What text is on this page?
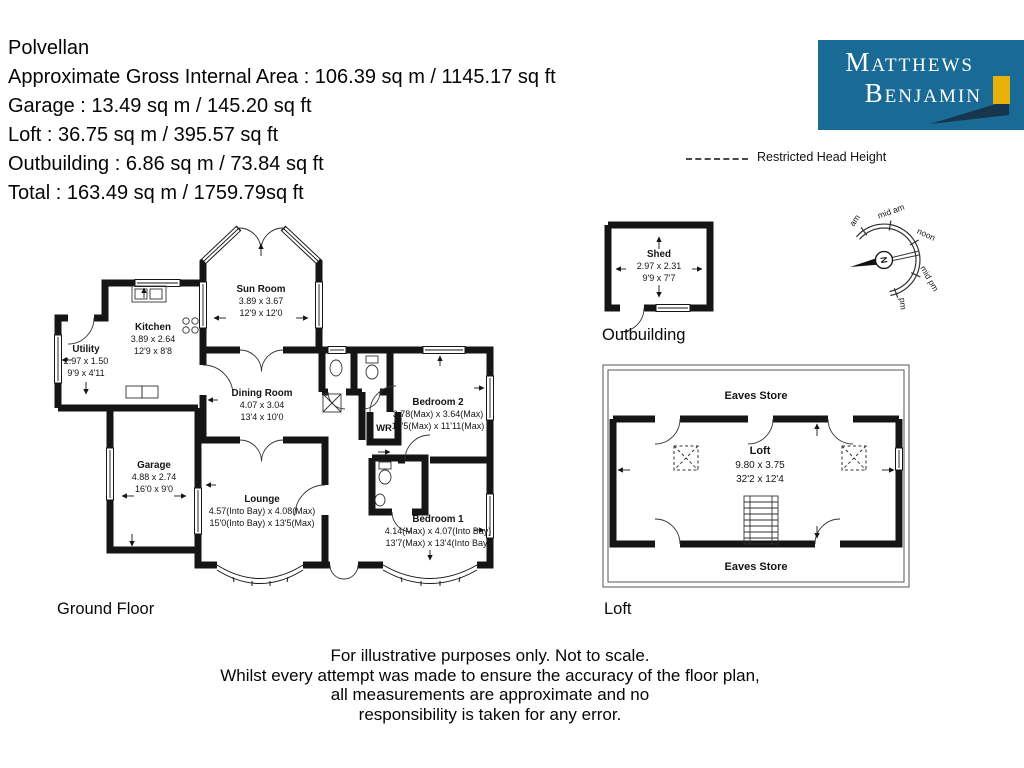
Polvellan
Approximate Gross Internal Area : 106.39 sq m / 1145.17 sq ft
Garage : 13.49 sq m / 145.20 sq ft
Loft : 36.75 sq m / 395.57 sq ft
Outbuilding : 6.86 sq m / 73.84 sq ft
Total : 163.49 sq m / 1759.79sq ft
Matthews
Benjamin
Restricted Head Height
Sun Room
3.89 x 3.67
12'9 x 12'0
Kitchen
3.89 x 2.64
12'9 x 8'8
Utility
2.97 x 1.50
9'9 x 4'11
Dining Room
4.07 x 3.04
13'4 x 10'0
Garage
4.88 x 2.74
16'0 x 9'0
Lounge
4.57(Into Bay) x 4.08(Max)
15'0(Into Bay) x 13'5(Max)
Bedroom 2
3.78(Max) x 3.64(Max)
12'5(Max) x 11'11(Max)
Bedroom 1
4.14(Max) x 4.07(Into Bay)
13'7(Max) x 13'4(Into Bay)
WR
Shed
2.97 x 2.31
9'9 x 7'7
N
am mid am
noon
mid pm
pm
Eaves Store
Eaves Store
Loft
9.80 x 3.75
32'2 x 12'4
Ground Floor
Outbuilding
Loft
For illustrative purposes only. Not to scale.
Whilst every attempt was made to ensure the accuracy of the floor plan,
all measurements are approximate and no
responsibility is taken for any error.
